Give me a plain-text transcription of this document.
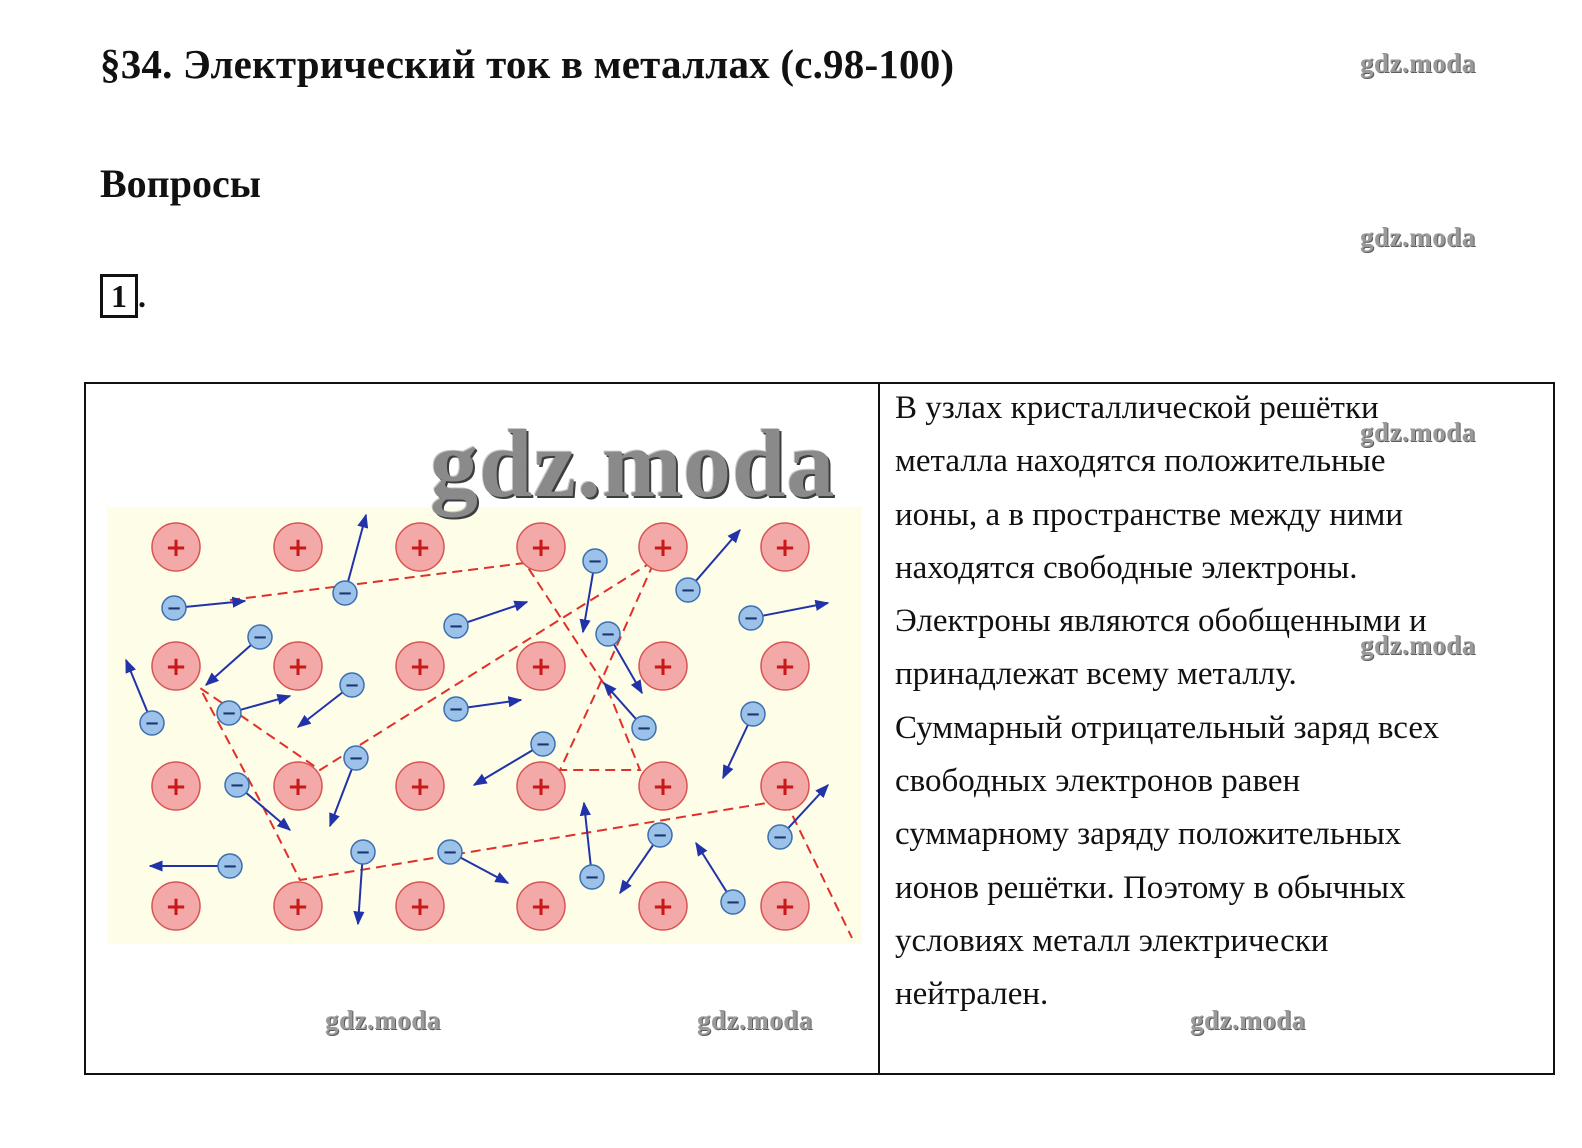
§34. Электрический ток в металлах (с.98-100)
Вопросы
1 .
+	+	+	+	+	+
+	+	+	+	+	+
+	+	+	+	+	+
+	+	+	+	+	+
−
−
−
−
−
−	−
−
−	−
−
−
−
−
−
−
−
−	−
−
−	−
−
−
gdz.moda
gdz.moda
gdz.moda
gdz.moda
gdz.moda
gdz.moda	gdz.moda	gdz.moda
В узлах кристаллической решётки
металла находятся положительные
ионы, а в пространстве между ними
находятся свободные электроны.
Электроны являются обобщенными и
принадлежат всему металлу.
Суммарный отрицательный заряд всех
свободных электронов равен
суммарному заряду положительных
ионов решётки. Поэтому в обычных
условиях металл электрически
нейтрален.
